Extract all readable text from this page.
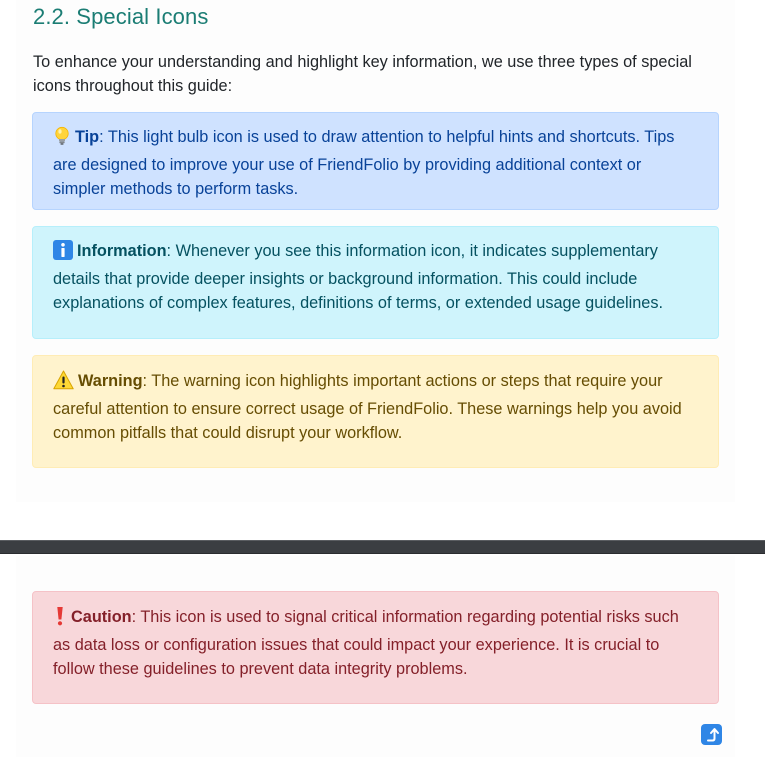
2.2. Special Icons

To enhance your understanding and highlight key information, we use three types of special icons throughout this guide:

Tip: This light bulb icon is used to draw attention to helpful hints and shortcuts. Tips are designed to improve your use of FriendFolio by providing additional context or simpler methods to perform tasks.
Information: Whenever you see this information icon, it indicates supplementary details that provide deeper insights or background information. This could include explanations of complex features, definitions of terms, or extended usage guidelines.
Warning: The warning icon highlights important actions or steps that require your careful attention to ensure correct usage of FriendFolio. These warnings help you avoid common pitfalls that could disrupt your workflow.
Caution: This icon is used to signal critical information regarding potential risks such as data loss or configuration issues that could impact your experience. It is crucial to follow these guidelines to prevent data integrity problems.
